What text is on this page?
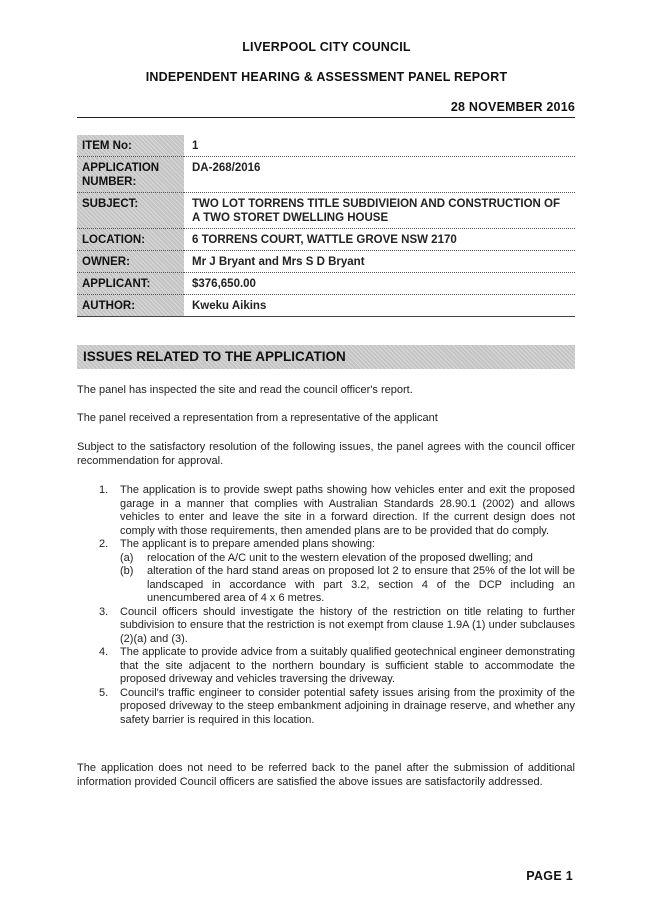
LIVERPOOL CITY COUNCIL
INDEPENDENT HEARING & ASSESSMENT PANEL REPORT
28 NOVEMBER 2016
ITEM No:	1
APPLICATION NUMBER:	DA-268/2016
SUBJECT:	TWO LOT TORRENS TITLE SUBDIVIEION AND CONSTRUCTION OF A TWO STORET DWELLING HOUSE
LOCATION:	6 TORRENS COURT, WATTLE GROVE NSW 2170
OWNER:	Mr J Bryant and Mrs S D Bryant
APPLICANT:	$376,650.00
AUTHOR:	Kweku Aikins
ISSUES RELATED TO THE APPLICATION
The panel has inspected the site and read the council officer's report.
The panel received a representation from a representative of the applicant
Subject to the satisfactory resolution of the following issues, the panel agrees with the council officer recommendation for approval.
1. The application is to provide swept paths showing how vehicles enter and exit the proposed garage in a manner that complies with Australian Standards 28.90.1 (2002) and allows vehicles to enter and leave the site in a forward direction. If the current design does not comply with those requirements, then amended plans are to be provided that do comply.
2. The applicant is to prepare amended plans showing:
(a) relocation of the A/C unit to the western elevation of the proposed dwelling; and
(b) alteration of the hard stand areas on proposed lot 2 to ensure that 25% of the lot will be landscaped in accordance with part 3.2, section 4 of the DCP including an unencumbered area of 4 x 6 metres.
3. Council officers should investigate the history of the restriction on title relating to further subdivision to ensure that the restriction is not exempt from clause 1.9A (1) under subclauses (2)(a) and (3).
4. The applicate to provide advice from a suitably qualified geotechnical engineer demonstrating that the site adjacent to the northern boundary is sufficient stable to accommodate the proposed driveway and vehicles traversing the driveway.
5. Council's traffic engineer to consider potential safety issues arising from the proximity of the proposed driveway to the steep embankment adjoining in drainage reserve, and whether any safety barrier is required in this location.
The application does not need to be referred back to the panel after the submission of additional information provided Council officers are satisfied the above issues are satisfactorily addressed.
PAGE 1
